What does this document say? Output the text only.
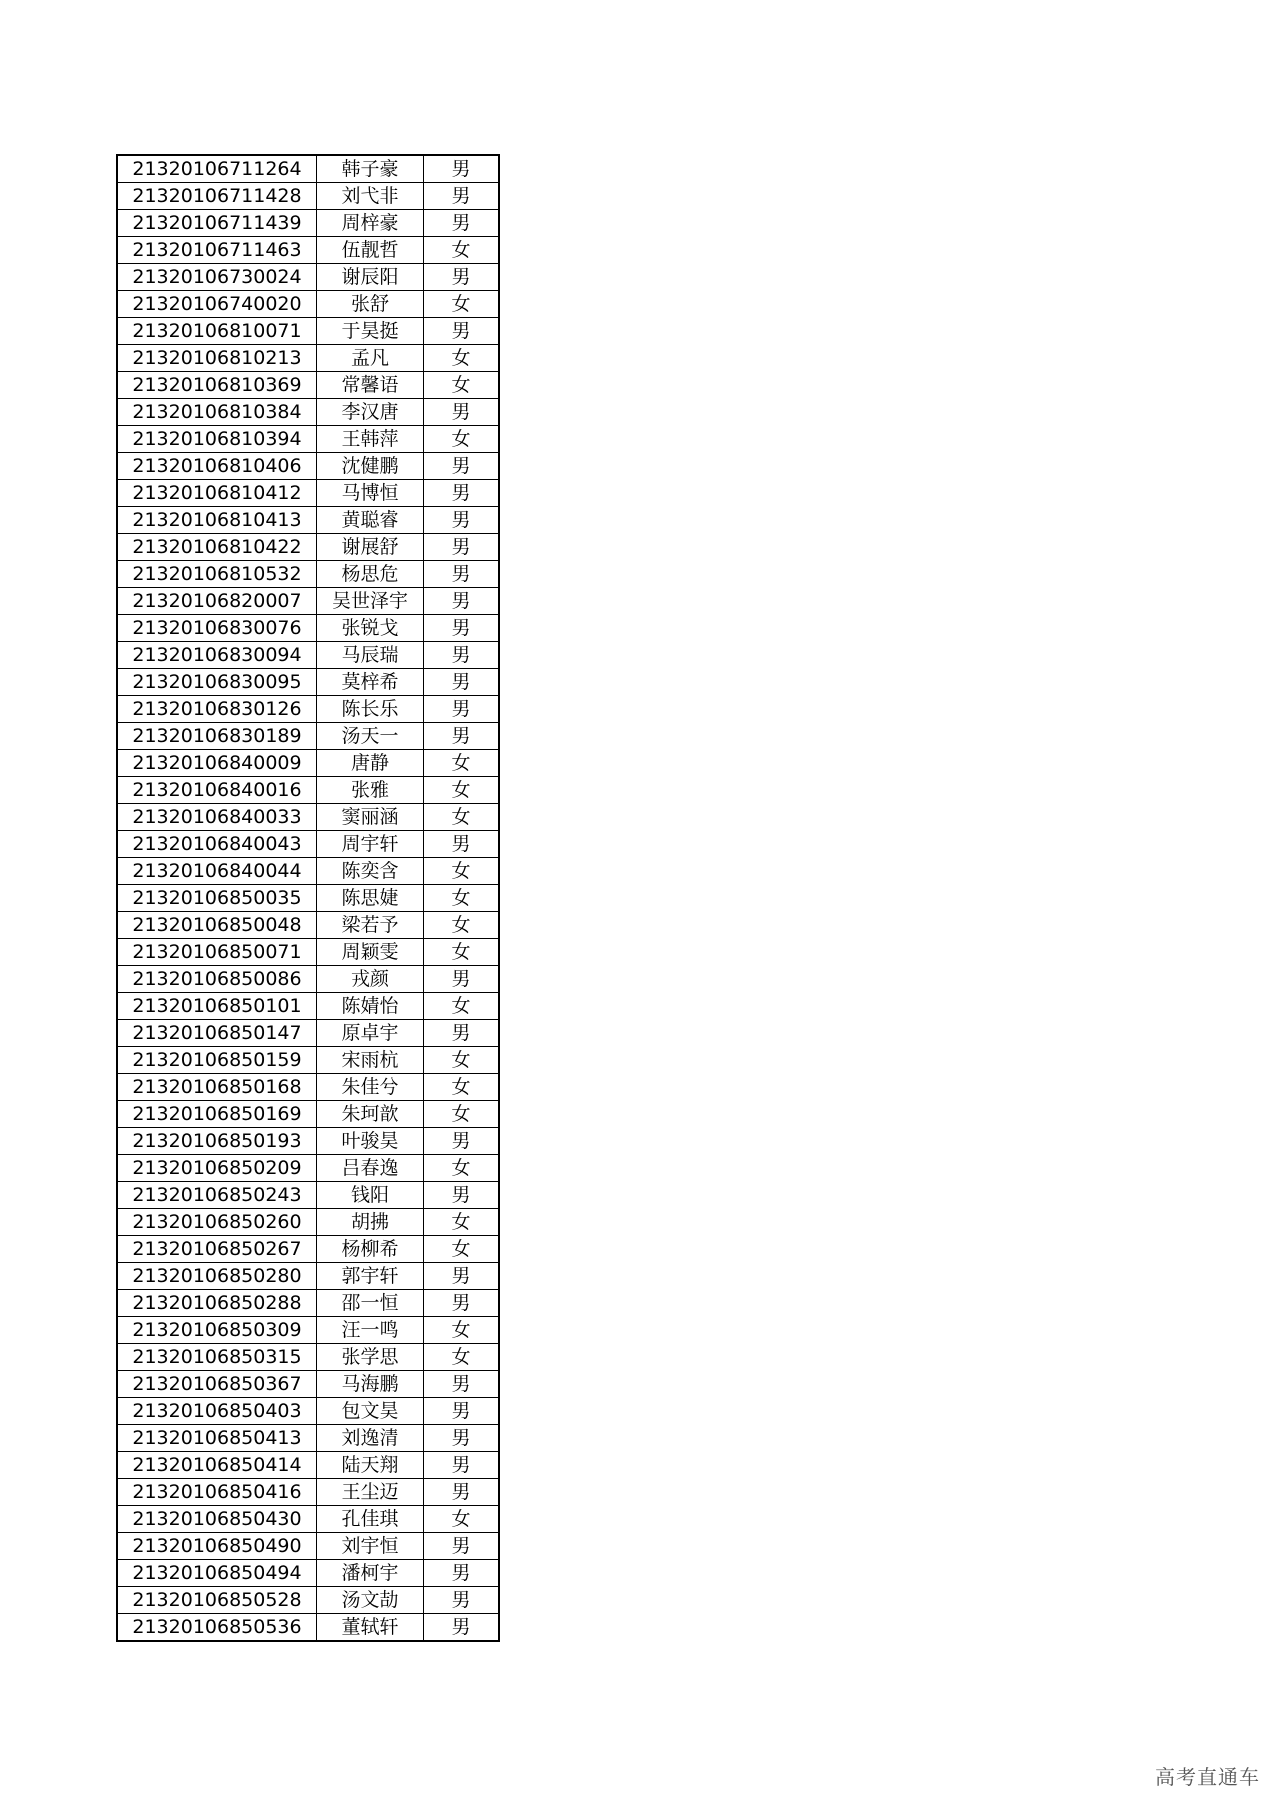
21320106711264	韩子豪	男
21320106711428	刘弋非	男
21320106711439	周梓豪	男
21320106711463	伍靓哲	女
21320106730024	谢辰阳	男
21320106740020	张舒	女
21320106810071	于昊挺	男
21320106810213	孟凡	女
21320106810369	常馨语	女
21320106810384	李汉唐	男
21320106810394	王韩萍	女
21320106810406	沈健鹏	男
21320106810412	马博恒	男
21320106810413	黄聪睿	男
21320106810422	谢展舒	男
21320106810532	杨思危	男
21320106820007	吴世泽宇	男
21320106830076	张锐戈	男
21320106830094	马辰瑞	男
21320106830095	莫梓希	男
21320106830126	陈长乐	男
21320106830189	汤天一	男
21320106840009	唐静	女
21320106840016	张雅	女
21320106840033	窦丽涵	女
21320106840043	周宇轩	男
21320106840044	陈奕含	女
21320106850035	陈思婕	女
21320106850048	梁若予	女
21320106850071	周颖雯	女
21320106850086	戎颜	男
21320106850101	陈婧怡	女
21320106850147	原卓宇	男
21320106850159	宋雨杭	女
21320106850168	朱佳兮	女
21320106850169	朱珂歆	女
21320106850193	叶骏昊	男
21320106850209	吕春逸	女
21320106850243	钱阳	男
21320106850260	胡拂	女
21320106850267	杨柳希	女
21320106850280	郭宇轩	男
21320106850288	邵一恒	男
21320106850309	汪一鸣	女
21320106850315	张学思	女
21320106850367	马海鹏	男
21320106850403	包文昊	男
21320106850413	刘逸清	男
21320106850414	陆天翔	男
21320106850416	王尘迈	男
21320106850430	孔佳琪	女
21320106850490	刘宇恒	男
21320106850494	潘柯宇	男
21320106850528	汤文劼	男
21320106850536	董轼轩	男
高考直通车
